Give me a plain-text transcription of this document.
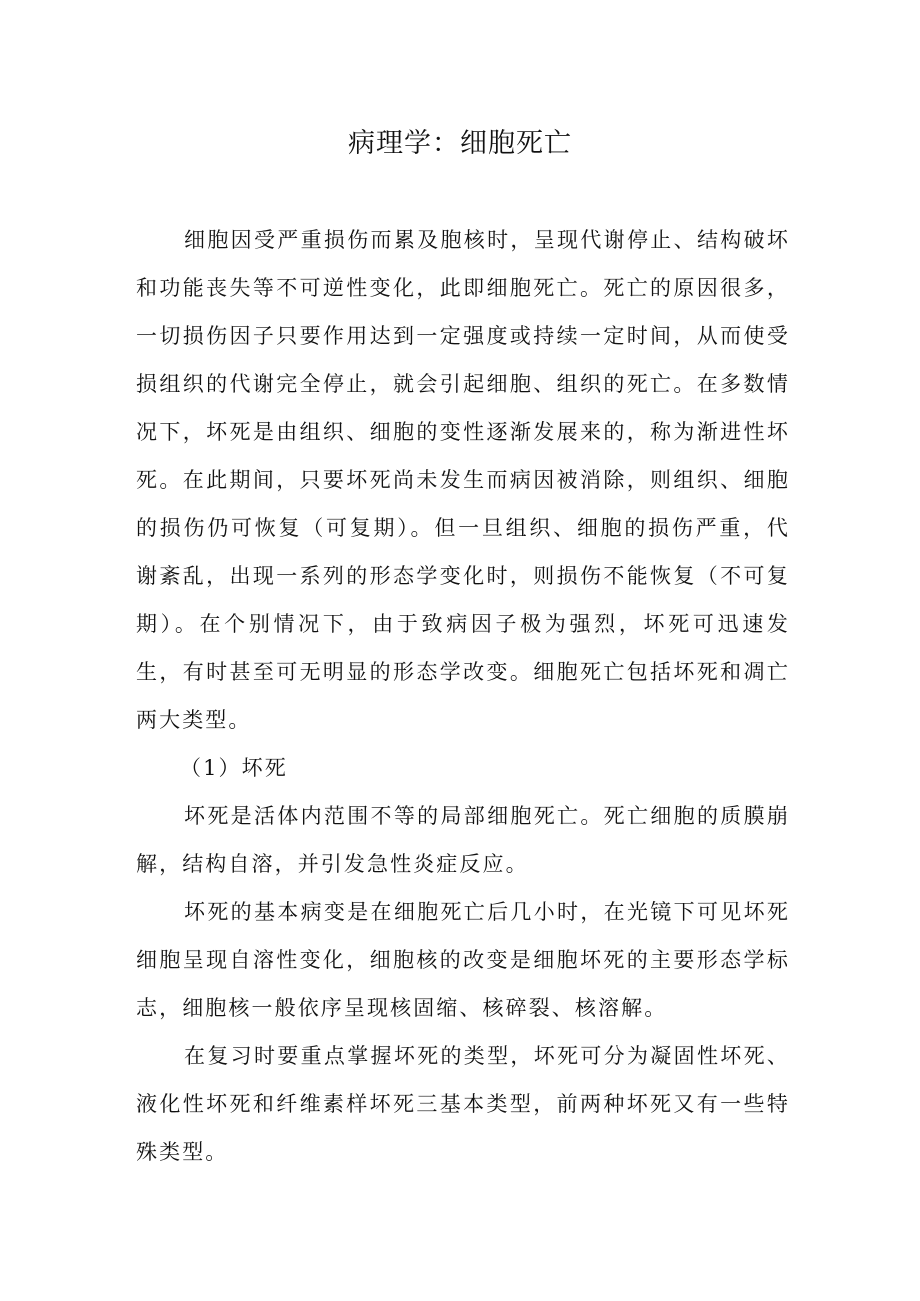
病理学：细胞死亡

细胞因受严重损伤而累及胞核时，呈现代谢停止、结构破坏和功能丧失等不可逆性变化，此即细胞死亡。死亡的原因很多，一切损伤因子只要作用达到一定强度或持续一定时间，从而使受损组织的代谢完全停止，就会引起细胞、组织的死亡。在多数情况下，坏死是由组织、细胞的变性逐渐发展来的，称为渐进性坏死。在此期间，只要坏死尚未发生而病因被消除，则组织、细胞的损伤仍可恢复（可复期）。但一旦组织、细胞的损伤严重，代谢紊乱，出现一系列的形态学变化时，则损伤不能恢复（不可复期）。在个别情况下，由于致病因子极为强烈，坏死可迅速发生，有时甚至可无明显的形态学改变。细胞死亡包括坏死和凋亡两大类型。

（1）坏死

坏死是活体内范围不等的局部细胞死亡。死亡细胞的质膜崩解，结构自溶，并引发急性炎症反应。

坏死的基本病变是在细胞死亡后几小时，在光镜下可见坏死细胞呈现自溶性变化，细胞核的改变是细胞坏死的主要形态学标志，细胞核一般依序呈现核固缩、核碎裂、核溶解。

在复习时要重点掌握坏死的类型，坏死可分为凝固性坏死、液化性坏死和纤维素样坏死三基本类型，前两种坏死又有一些特殊类型。
